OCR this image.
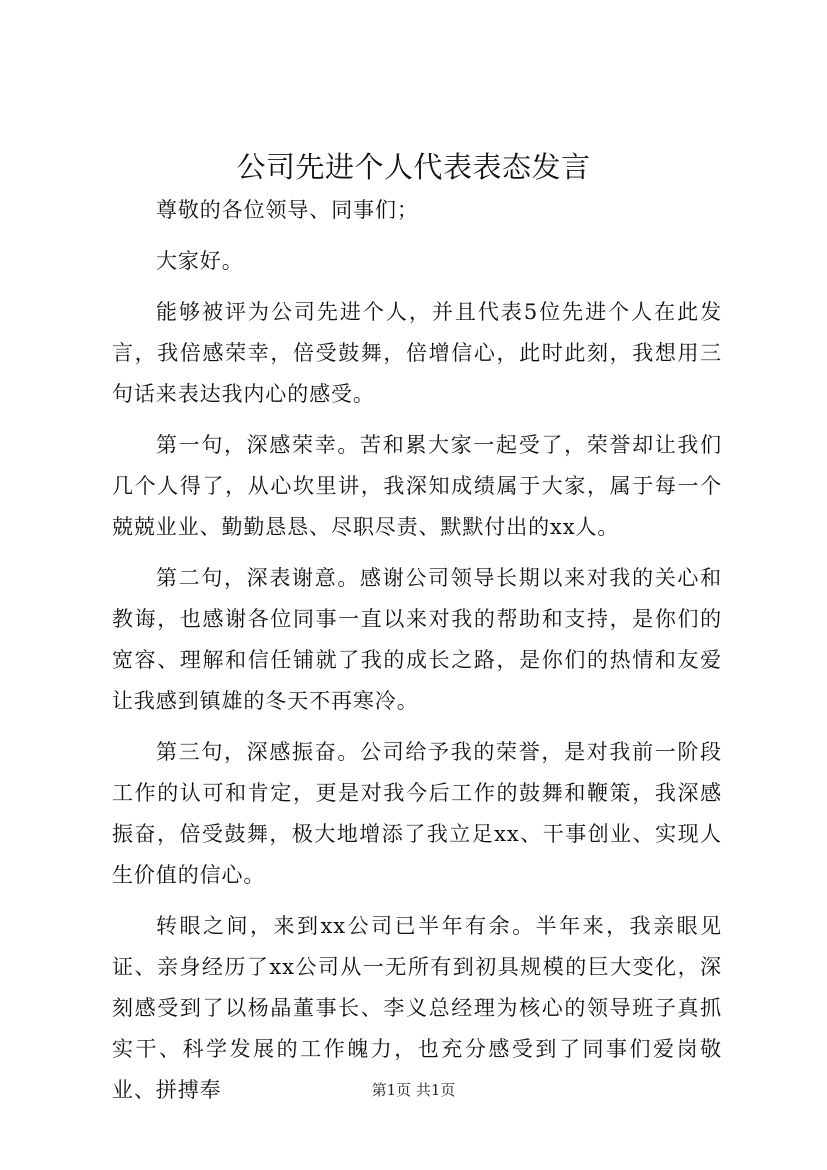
公司先进个人代表表态发言

尊敬的各位领导、同事们；

大家好。

能够被评为公司先进个人，并且代表5位先进个人在此发言，我倍感荣幸，倍受鼓舞，倍增信心，此时此刻，我想用三句话来表达我内心的感受。

第一句，深感荣幸。苦和累大家一起受了，荣誉却让我们几个人得了，从心坎里讲，我深知成绩属于大家，属于每一个兢兢业业、勤勤恳恳、尽职尽责、默默付出的xx人。

第二句，深表谢意。感谢公司领导长期以来对我的关心和教诲，也感谢各位同事一直以来对我的帮助和支持，是你们的宽容、理解和信任铺就了我的成长之路，是你们的热情和友爱让我感到镇雄的冬天不再寒冷。

第三句，深感振奋。公司给予我的荣誉，是对我前一阶段工作的认可和肯定，更是对我今后工作的鼓舞和鞭策，我深感振奋，倍受鼓舞，极大地增添了我立足xx、干事创业、实现人生价值的信心。

转眼之间，来到xx公司已半年有余。半年来，我亲眼见证、亲身经历了xx公司从一无所有到初具规模的巨大变化，深刻感受到了以杨晶董事长、李义总经理为核心的领导班子真抓实干、科学发展的工作魄力，也充分感受到了同事们爱岗敬业、拼搏奉	第1页 共1页
